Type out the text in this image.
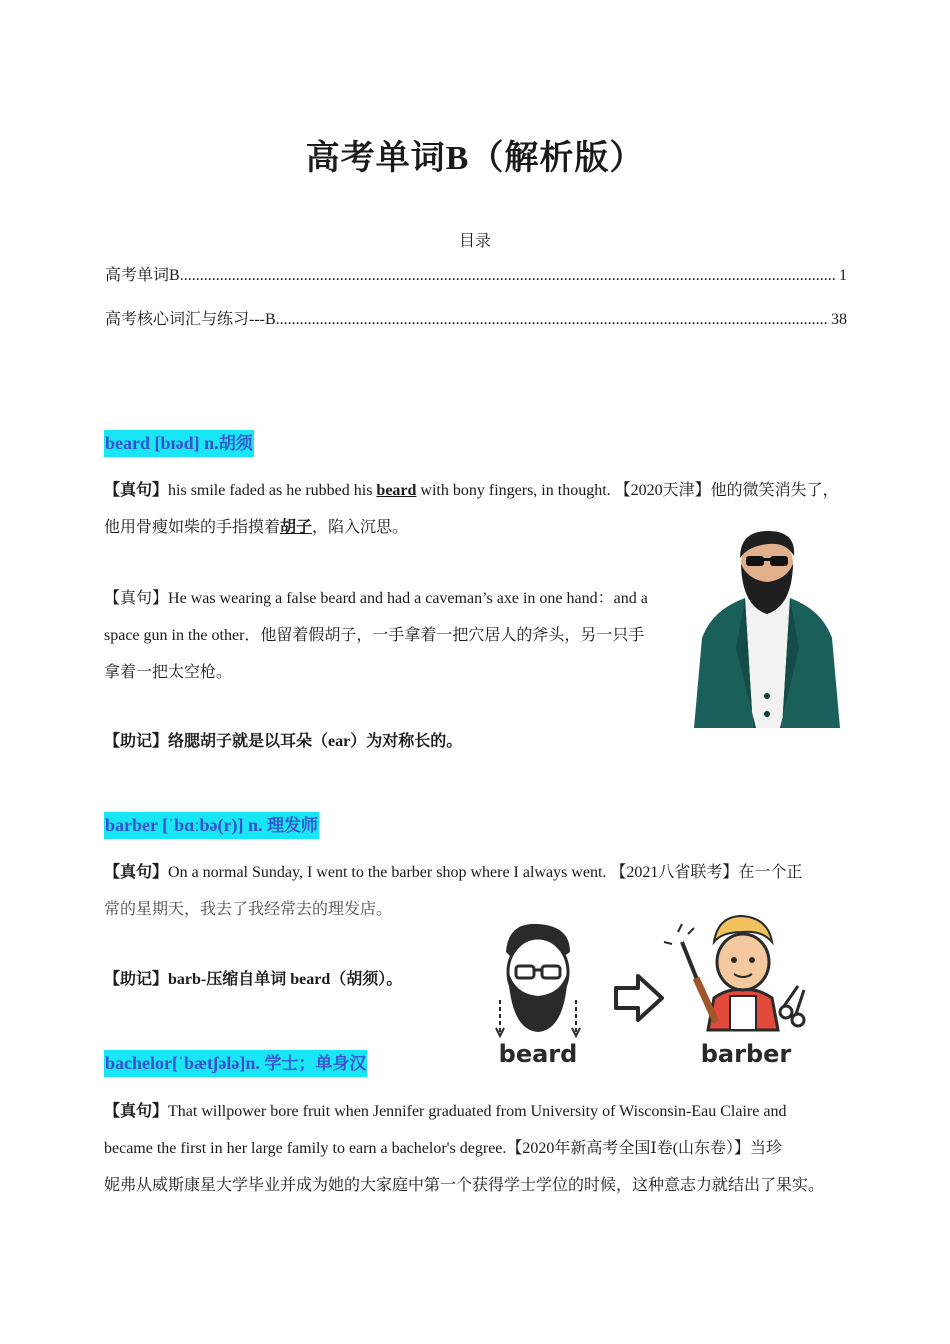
高考单词B（解析版）
目录
高考单词B .....	1
高考核心词汇与练习---B .....	38
beard [bɪəd] n.胡须
【真句】his smile faded as he rubbed his beard with bony fingers, in thought. 【2020天津】他的微笑消失了，他用骨瘦如柴的手指摸着胡子，陷入沉思。
【真句】He was wearing a false beard and had a caveman’s axe in one hand：and a
space gun in the other．他留着假胡子，一手拿着一把穴居人的斧头，另一只手
拿着一把太空枪。
【助记】络腮胡子就是以耳朵（ear）为对称长的。
barber [ˈbɑːbə(r)] n. 理发师
【真句】On a normal Sunday, I went to the barber shop where I always went. 【2021八省联考】在一个正
常的星期天，我去了我经常去的理发店。
【助记】barb-压缩自单词 beard（胡须）。
beard	barber
bachelor[ˈbætʃələ]n. 学士；单身汉
【真句】That willpower bore fruit when Jennifer graduated from University of Wisconsin-Eau Claire and
became the first in her large family to earn a bachelor's degree.【2020年新高考全国Ⅰ卷(山东卷）】当珍
妮弗从威斯康星大学毕业并成为她的大家庭中第一个获得学士学位的时候，这种意志力就结出了果实。
